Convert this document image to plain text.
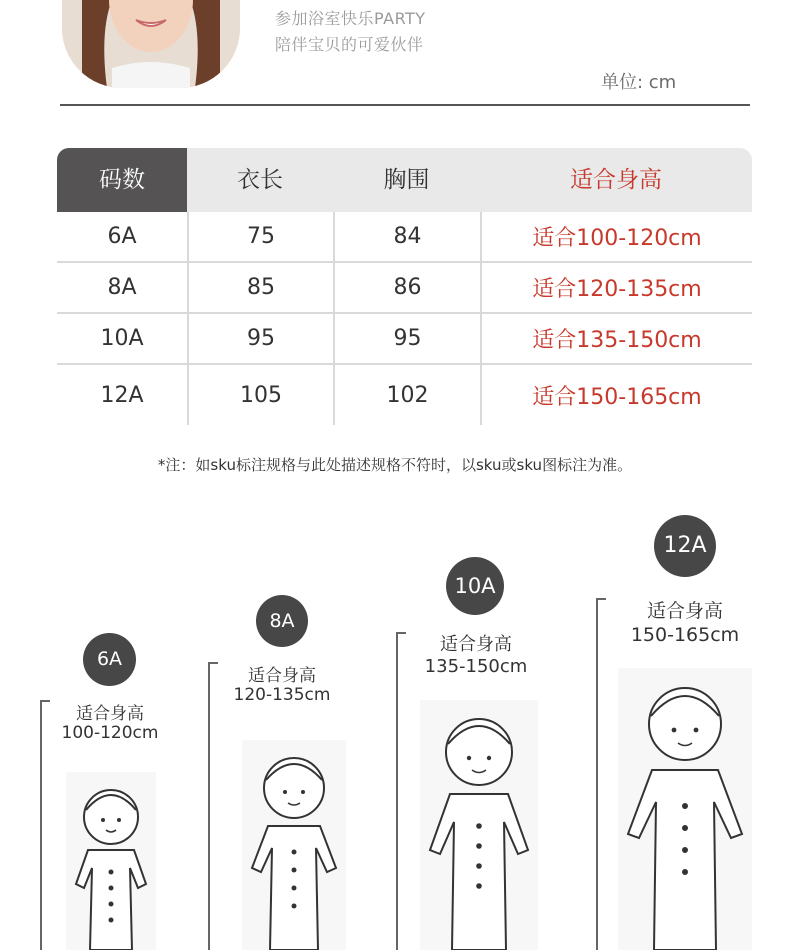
参加浴室快乐PARTY
陪伴宝贝的可爱伙伴
单位: cm
码数	衣长	胸围	适合身高
6A	75	84	适合100-120cm
8A	85	86	适合120-135cm
10A	95	95	适合135-150cm
12A	105	102	适合150-165cm
*注：如sku标注规格与此处描述规格不符时，以sku或sku图标注为准。
6A
适合身高
100-120cm
8A
适合身高
120-135cm
10A
适合身高
135-150cm
12A
适合身高
150-165cm
